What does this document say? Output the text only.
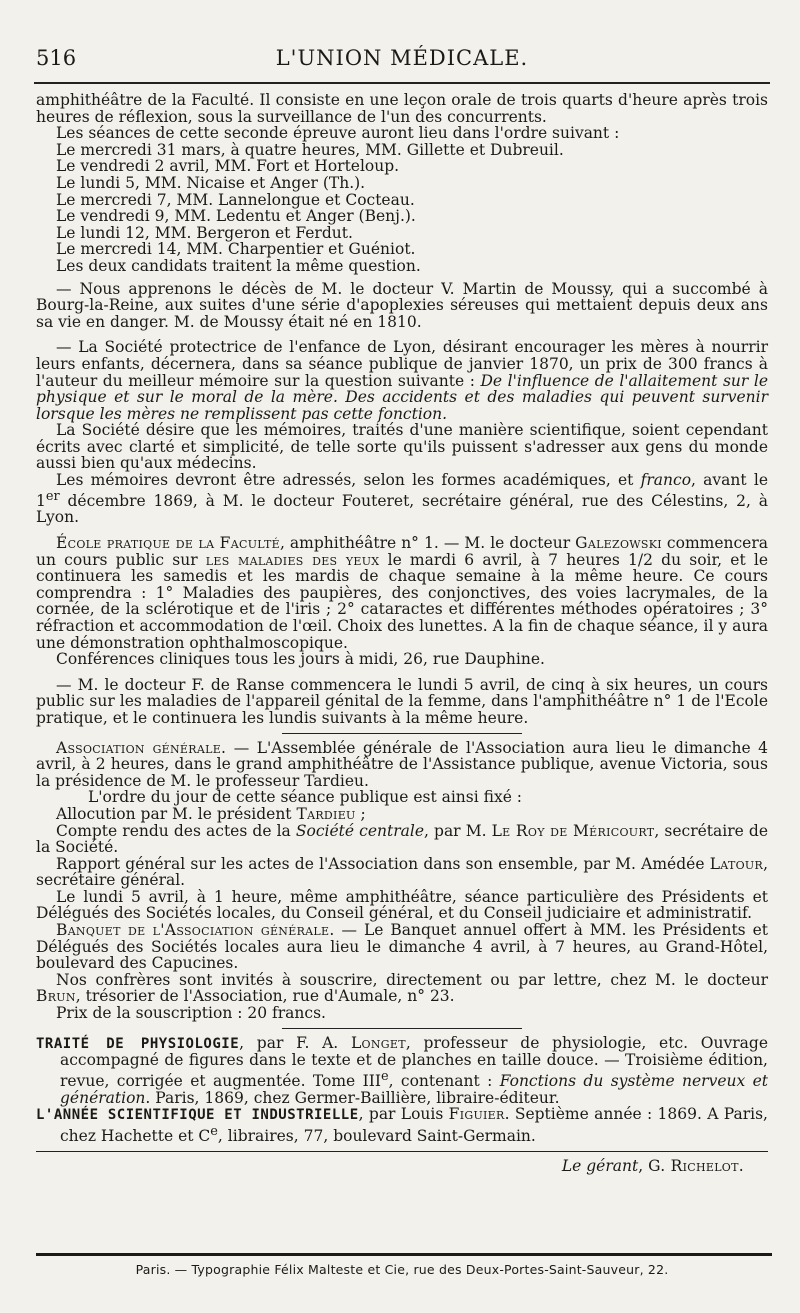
516	L'UNION MÉDICALE.

amphithéâtre de la Faculté. Il consiste en une leçon orale de trois quarts d'heure après trois heures de réflexion, sous la surveillance de l'un des concurrents.

Les séances de cette seconde épreuve auront lieu dans l'ordre suivant :

Le mercredi 31 mars, à quatre heures, MM. Gillette et Dubreuil.

Le vendredi 2 avril, MM. Fort et Horteloup.

Le lundi 5, MM. Nicaise et Anger (Th.).

Le mercredi 7, MM. Lannelongue et Cocteau.

Le vendredi 9, MM. Ledentu et Anger (Benj.).

Le lundi 12, MM. Bergeron et Ferdut.

Le mercredi 14, MM. Charpentier et Guéniot.

Les deux candidats traitent la même question.

— Nous apprenons le décès de M. le docteur V. Martin de Moussy, qui a succombé à Bourg-la-Reine, aux suites d'une série d'apoplexies séreuses qui mettaient depuis deux ans sa vie en danger. M. de Moussy était né en 1810.

— La Société protectrice de l'enfance de Lyon, désirant encourager les mères à nourrir leurs enfants, décernera, dans sa séance publique de janvier 1870, un prix de 300 francs à l'auteur du meilleur mémoire sur la question suivante : De l'influence de l'allaitement sur le physique et sur le moral de la mère. Des accidents et des maladies qui peuvent survenir lorsque les mères ne remplissent pas cette fonction.

La Société désire que les mémoires, traités d'une manière scientifique, soient cependant écrits avec clarté et simplicité, de telle sorte qu'ils puissent s'adresser aux gens du monde aussi bien qu'aux médecins.

Les mémoires devront être adressés, selon les formes académiques, et franco, avant le 1er décembre 1869, à M. le docteur Fouteret, secrétaire général, rue des Célestins, 2, à Lyon.

École pratique de la Faculté, amphithéâtre n° 1. — M. le docteur Galezowski commencera un cours public sur les maladies des yeux le mardi 6 avril, à 7 heures 1/2 du soir, et le continuera les samedis et les mardis de chaque semaine à la même heure. Ce cours comprendra : 1° Maladies des paupières, des conjonctives, des voies lacrymales, de la cornée, de la sclérotique et de l'iris ; 2° cataractes et différentes méthodes opératoires ; 3° réfraction et accommodation de l'œil. Choix des lunettes. A la fin de chaque séance, il y aura une démonstration ophthalmoscopique.

Conférences cliniques tous les jours à midi, 26, rue Dauphine.

— M. le docteur F. de Ranse commencera le lundi 5 avril, de cinq à six heures, un cours public sur les maladies de l'appareil génital de la femme, dans l'amphithéâtre n° 1 de l'Ecole pratique, et le continuera les lundis suivants à la même heure.

Association générale. — L'Assemblée générale de l'Association aura lieu le dimanche 4 avril, à 2 heures, dans le grand amphithéâtre de l'Assistance publique, avenue Victoria, sous la présidence de M. le professeur Tardieu.

L'ordre du jour de cette séance publique est ainsi fixé :

Allocution par M. le président Tardieu ;

Compte rendu des actes de la Société centrale, par M. Le Roy de Méricourt, secrétaire de la Société.

Rapport général sur les actes de l'Association dans son ensemble, par M. Amédée Latour, secrétaire général.

Le lundi 5 avril, à 1 heure, même amphithéâtre, séance particulière des Présidents et Délégués des Sociétés locales, du Conseil général, et du Conseil judiciaire et administratif.

Banquet de l'Association générale. — Le Banquet annuel offert à MM. les Présidents et Délégués des Sociétés locales aura lieu le dimanche 4 avril, à 7 heures, au Grand-Hôtel, boulevard des Capucines.

Nos confrères sont invités à souscrire, directement ou par lettre, chez M. le docteur Brun, trésorier de l'Association, rue d'Aumale, n° 23.

Prix de la souscription : 20 francs.

TRAITÉ DE PHYSIOLOGIE, par F. A. Longet, professeur de physiologie, etc. Ouvrage accompagné de figures dans le texte et de planches en taille douce. — Troisième édition, revue, corrigée et augmentée. Tome IIIe, contenant : Fonctions du système nerveux et génération. Paris, 1869, chez Germer-Baillière, libraire-éditeur.

L'ANNÉE SCIENTIFIQUE ET INDUSTRIELLE, par Louis Figuier. Septième année : 1869. A Paris, chez Hachette et Ce, libraires, 77, boulevard Saint-Germain.

Le gérant, G. Richelot.

Paris. — Typographie Félix Malteste et Cie, rue des Deux-Portes-Saint-Sauveur, 22.
